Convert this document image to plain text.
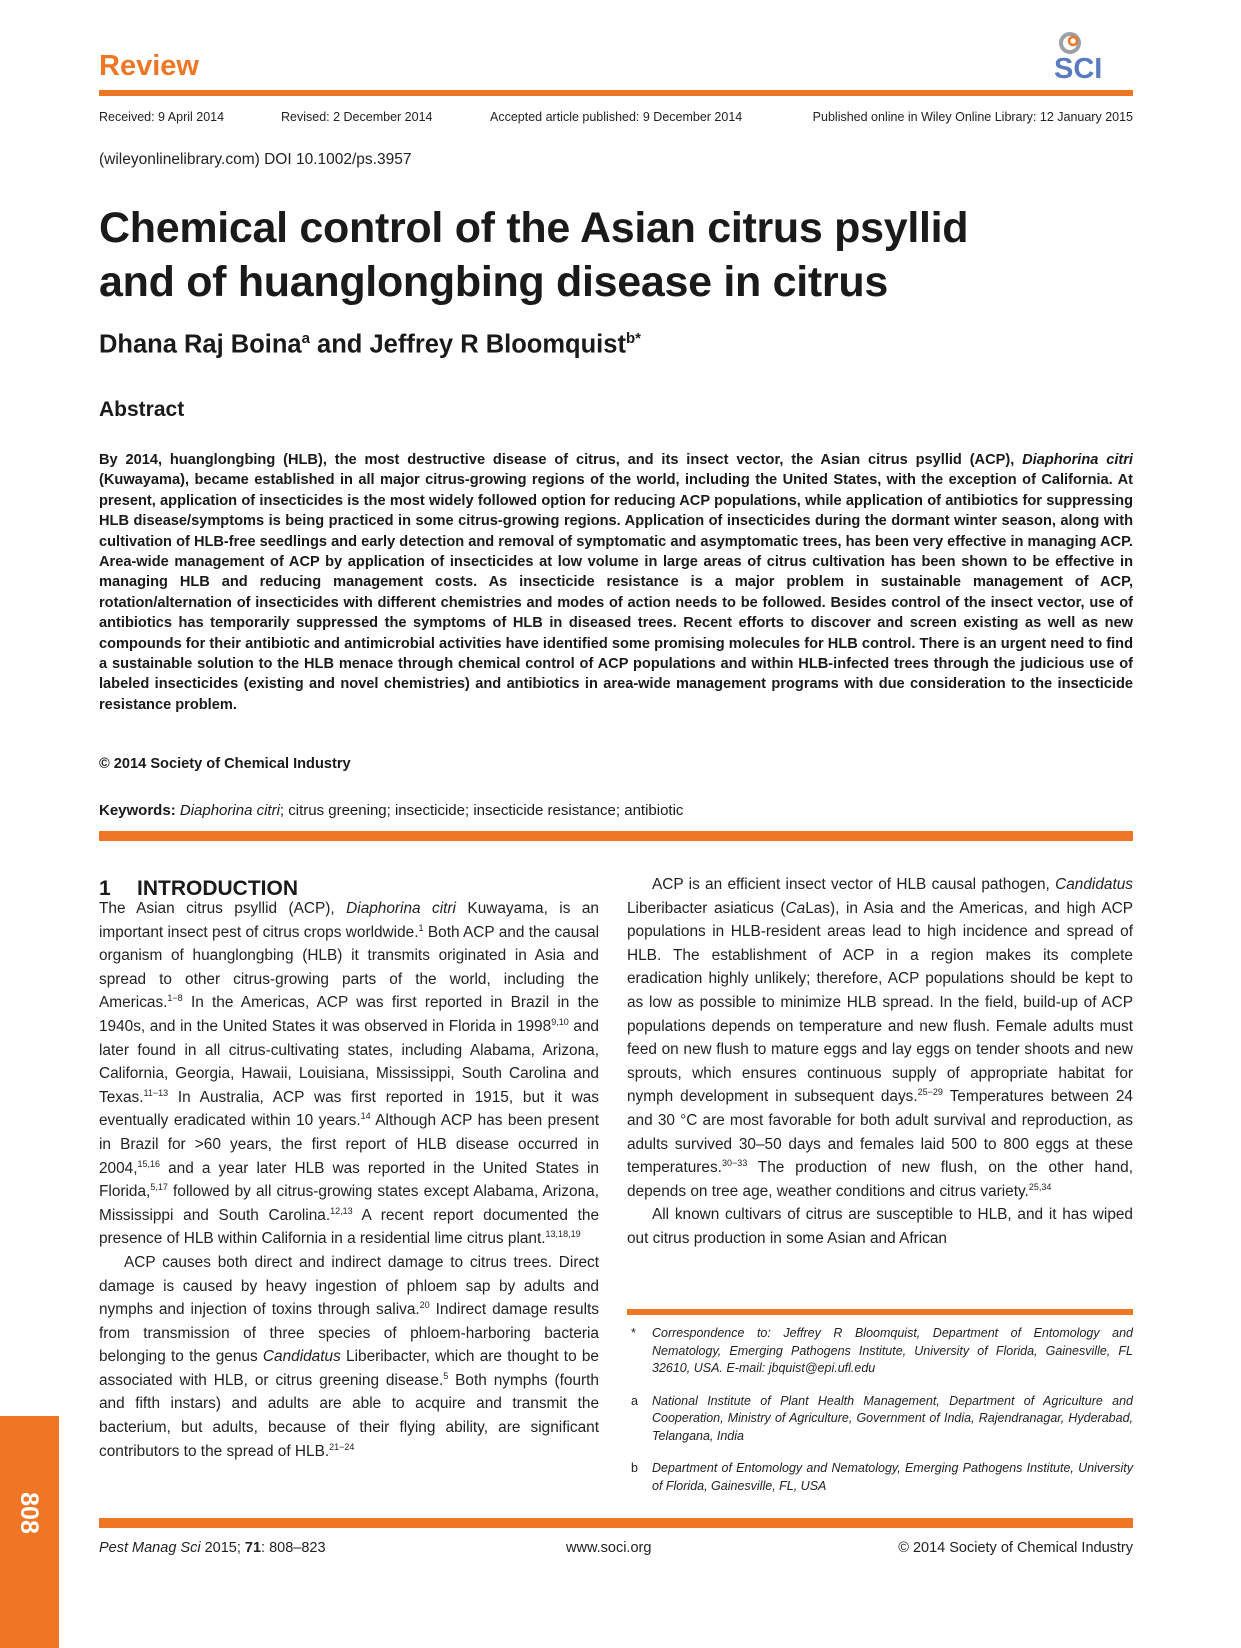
Review	SCI
Received: 9 April 2014	Revised: 2 December 2014	Accepted article published: 9 December 2014	Published online in Wiley Online Library: 12 January 2015
(wileyonlinelibrary.com) DOI 10.1002/ps.3957
Chemical control of the Asian citrus psyllid
and of huanglongbing disease in citrus
Dhana Raj Boina$^a$ and Jeffrey R Bloomquist$^{b*}$
Abstract
By 2014, huanglongbing (HLB), the most destructive disease of citrus, and its insect vector, the Asian citrus psyllid (ACP), Diaphorina citri (Kuwayama), became established in all major citrus-growing regions of the world, including the United States, with the exception of California. At present, application of insecticides is the most widely followed option for reducing ACP populations, while application of antibiotics for suppressing HLB disease/symptoms is being practiced in some citrus-growing regions. Application of insecticides during the dormant winter season, along with cultivation of HLB-free seedlings and early detection and removal of symptomatic and asymptomatic trees, has been very effective in managing ACP. Area-wide management of ACP by application of insecticides at low volume in large areas of citrus cultivation has been shown to be effective in managing HLB and reducing management costs. As insecticide resistance is a major problem in sustainable management of ACP, rotation/alternation of insecticides with different chemistries and modes of action needs to be followed. Besides control of the insect vector, use of antibiotics has temporarily suppressed the symptoms of HLB in diseased trees. Recent efforts to discover and screen existing as well as new compounds for their antibiotic and antimicrobial activities have identified some promising molecules for HLB control. There is an urgent need to find a sustainable solution to the HLB menace through chemical control of ACP populations and within HLB-infected trees through the judicious use of labeled insecticides (existing and novel chemistries) and antibiotics in area-wide management programs with due consideration to the insecticide resistance problem.
© 2014 Society of Chemical Industry
Keywords: Diaphorina citri; citrus greening; insecticide; insecticide resistance; antibiotic
1 INTRODUCTION

The Asian citrus psyllid (ACP), Diaphorina citri Kuwayama, is an important insect pest of citrus crops worldwide.$^1$ Both ACP and the causal organism of huanglongbing (HLB) it transmits originated in Asia and spread to other citrus-growing parts of the world, including the Americas.$^{1-8}$ In the Americas, ACP was first reported in Brazil in the 1940s, and in the United States it was observed in Florida in 1998$^{9,10}$ and later found in all citrus-cultivating states, including Alabama, Arizona, California, Georgia, Hawaii, Louisiana, Mississippi, South Carolina and Texas.$^{11-13}$ In Australia, ACP was first reported in 1915, but it was eventually eradicated within 10 years.$^{14}$ Although ACP has been present in Brazil for >60 years, the first report of HLB disease occurred in 2004,$^{15,16}$ and a year later HLB was reported in the United States in Florida,$^{5,17}$ followed by all citrus-growing states except Alabama, Arizona, Mississippi and South Carolina.$^{12,13}$ A recent report documented the presence of HLB within California in a residential lime citrus plant.$^{13,18,19}$

ACP causes both direct and indirect damage to citrus trees. Direct damage is caused by heavy ingestion of phloem sap by adults and nymphs and injection of toxins through saliva.$^{20}$ Indirect damage results from transmission of three species of phloem-harboring bacteria belonging to the genus Candidatus Liberibacter, which are thought to be associated with HLB, or citrus greening disease.$^5$ Both nymphs (fourth and fifth instars) and adults are able to acquire and transmit the bacterium, but adults, because of their flying ability, are significant contributors to the spread of HLB.$^{21-24}$

ACP is an efficient insect vector of HLB causal pathogen, Candidatus Liberibacter asiaticus (CaLas), in Asia and the Americas, and high ACP populations in HLB-resident areas lead to high incidence and spread of HLB. The establishment of ACP in a region makes its complete eradication highly unlikely; therefore, ACP populations should be kept to as low as possible to minimize HLB spread. In the field, build-up of ACP populations depends on temperature and new flush. Female adults must feed on new flush to mature eggs and lay eggs on tender shoots and new sprouts, which ensures continuous supply of appropriate habitat for nymph development in subsequent days.$^{25-29}$ Temperatures between 24 and 30 °C are most favorable for both adult survival and reproduction, as adults survived 30–50 days and females laid 500 to 800 eggs at these temperatures.$^{30-33}$ The production of new flush, on the other hand, depends on tree age, weather conditions and citrus variety.$^{25,34}$

All known cultivars of citrus are susceptible to HLB, and it has wiped out citrus production in some Asian and African

* Correspondence to: Jeffrey R Bloomquist, Department of Entomology and Nematology, Emerging Pathogens Institute, University of Florida, Gainesville, FL 32610, USA. E-mail: jbquist@epi.ufl.edu
a National Institute of Plant Health Management, Department of Agriculture and Cooperation, Ministry of Agriculture, Government of India, Rajendranagar, Hyderabad, Telangana, India
b Department of Entomology and Nematology, Emerging Pathogens Institute, University of Florida, Gainesville, FL, USA
Pest Manag Sci 2015; 71: 808–823	www.soci.org	© 2014 Society of Chemical Industry
808
